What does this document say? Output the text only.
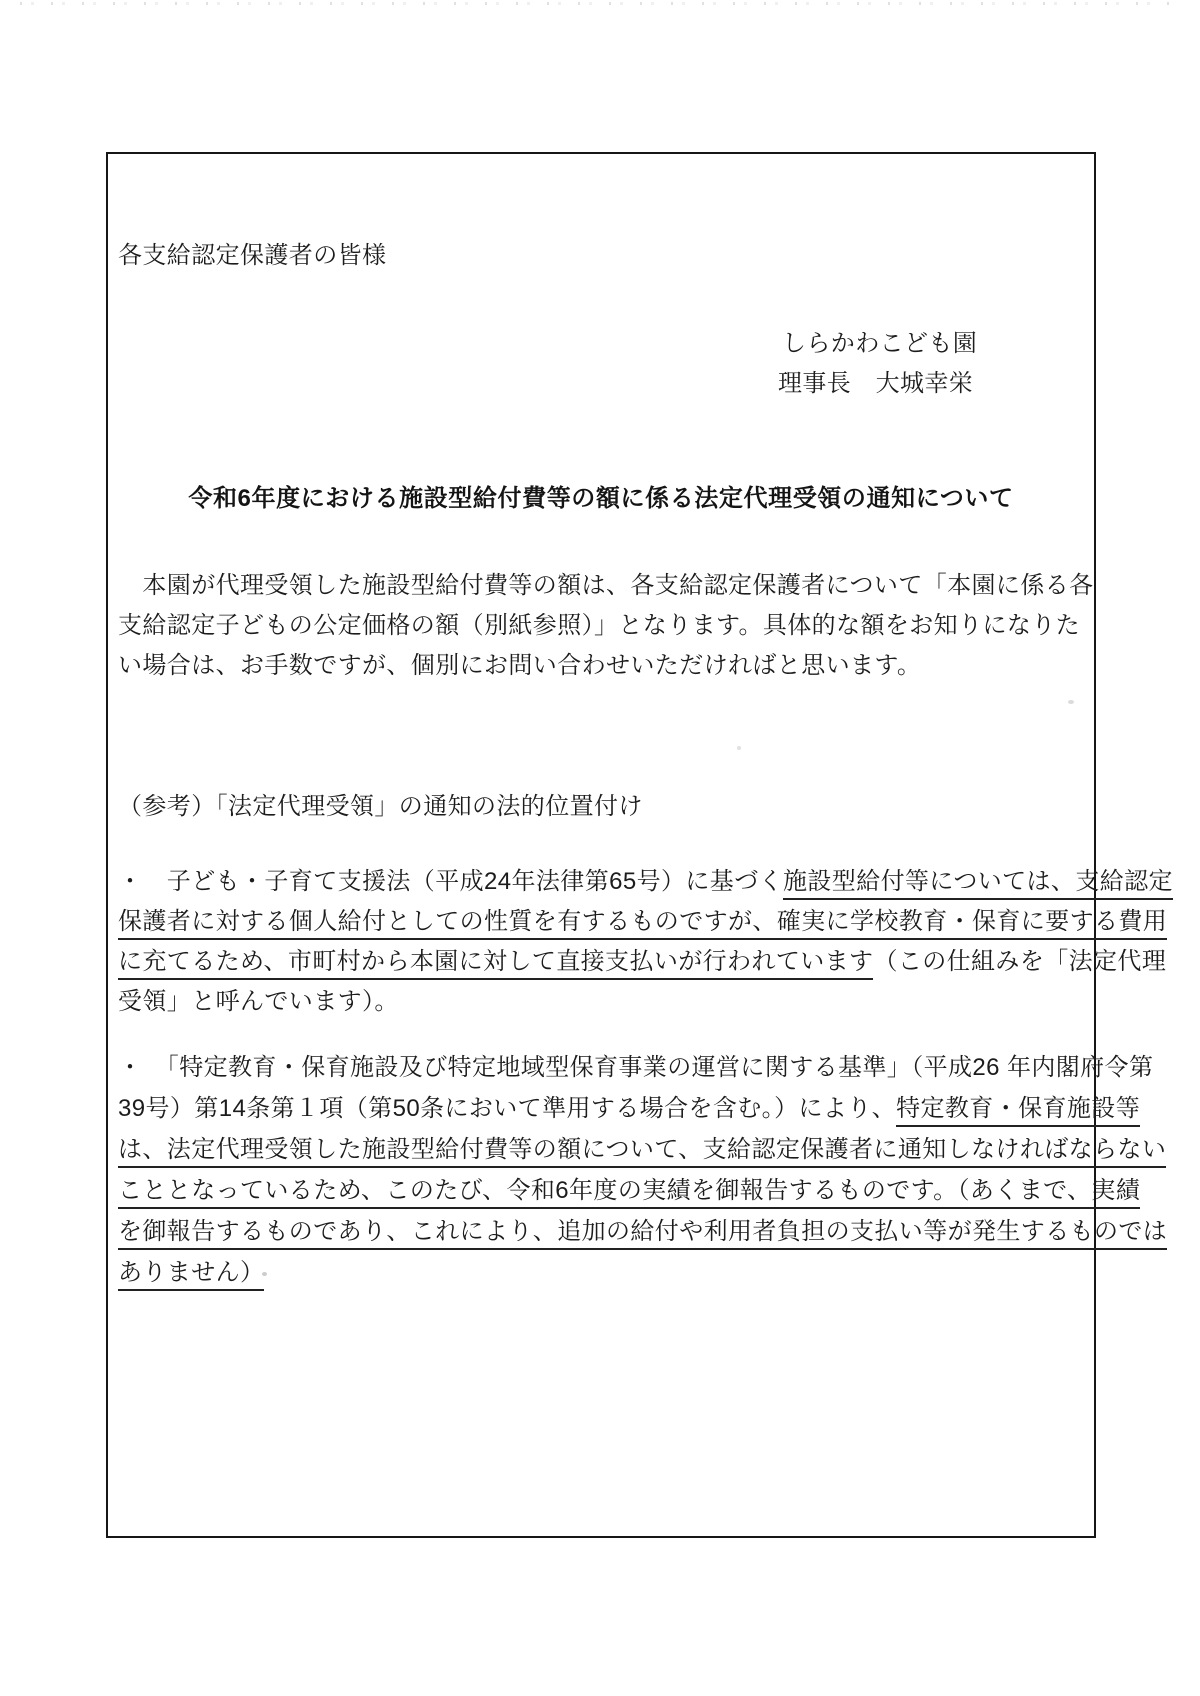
各支給認定保護者の皆様
しらかわこども園
理事長　大城幸栄
令和6年度における施設型給付費等の額に係る法定代理受領の通知について
　本園が代理受領した施設型給付費等の額は、各支給認定保護者について「本園に係る各
支給認定子どもの公定価格の額（別紙参照）」となります。具体的な額をお知りになりた
い場合は、お手数ですが、個別にお問い合わせいただければと思います。
（参考）「法定代理受領」の通知の法的位置付け
・　子ども・子育て支援法（平成24年法律第65号）に基づく施設型給付等については、支給認定
保護者に対する個人給付としての性質を有するものですが、確実に学校教育・保育に要する費用
に充てるため、市町村から本園に対して直接支払いが行われています（この仕組みを「法定代理
受領」と呼んでいます）。
・　「特定教育・保育施設及び特定地域型保育事業の運営に関する基準」（平成26 年内閣府令第
39号）第14条第１項（第50条において準用する場合を含む。）により、特定教育・保育施設等
は、法定代理受領した施設型給付費等の額について、支給認定保護者に通知しなければならない
こととなっているため、このたび、令和6年度の実績を御報告するものです。（あくまで、実績
を御報告するものであり、これにより、追加の給付や利用者負担の支払い等が発生するものでは
ありません）
